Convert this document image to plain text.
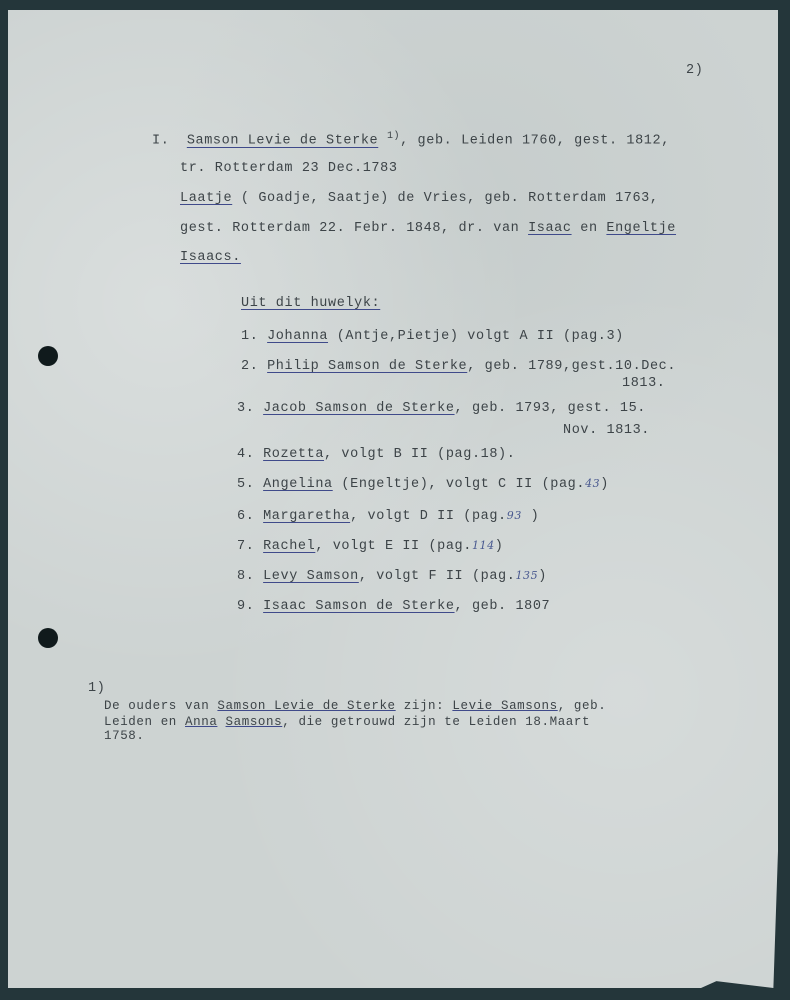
2)
I. Samson Levie de Sterke $^{1)}$, geb. Leiden 1760, gest. 1812,
tr. Rotterdam 23 Dec.1783
Laatje ( Goadje, Saatje) de Vries, geb. Rotterdam 1763,
gest. Rotterdam 22. Febr. 1848, dr. van Isaac en Engeltje
Isaacs.
Uit dit huwelyk:
1. Johanna (Antje,Pietje) volgt A II (pag.3)
2. Philip Samson de Sterke, geb. 1789,gest.10.Dec.
1813.
3. Jacob Samson de Sterke, geb. 1793, gest. 15.
Nov. 1813.
4. Rozetta, volgt B II (pag.18).
5. Angelina (Engeltje), volgt C II (pag.43)
6. Margaretha, volgt D II (pag.93 )
7. Rachel, volgt E II (pag.114)
8. Levy Samson, volgt F II (pag.135)
9. Isaac Samson de Sterke, geb. 1807
1)
De ouders van Samson Levie de Sterke zijn: Levie Samsons, geb.
Leiden en Anna Samsons, die getrouwd zijn te Leiden 18.Maart
1758.
